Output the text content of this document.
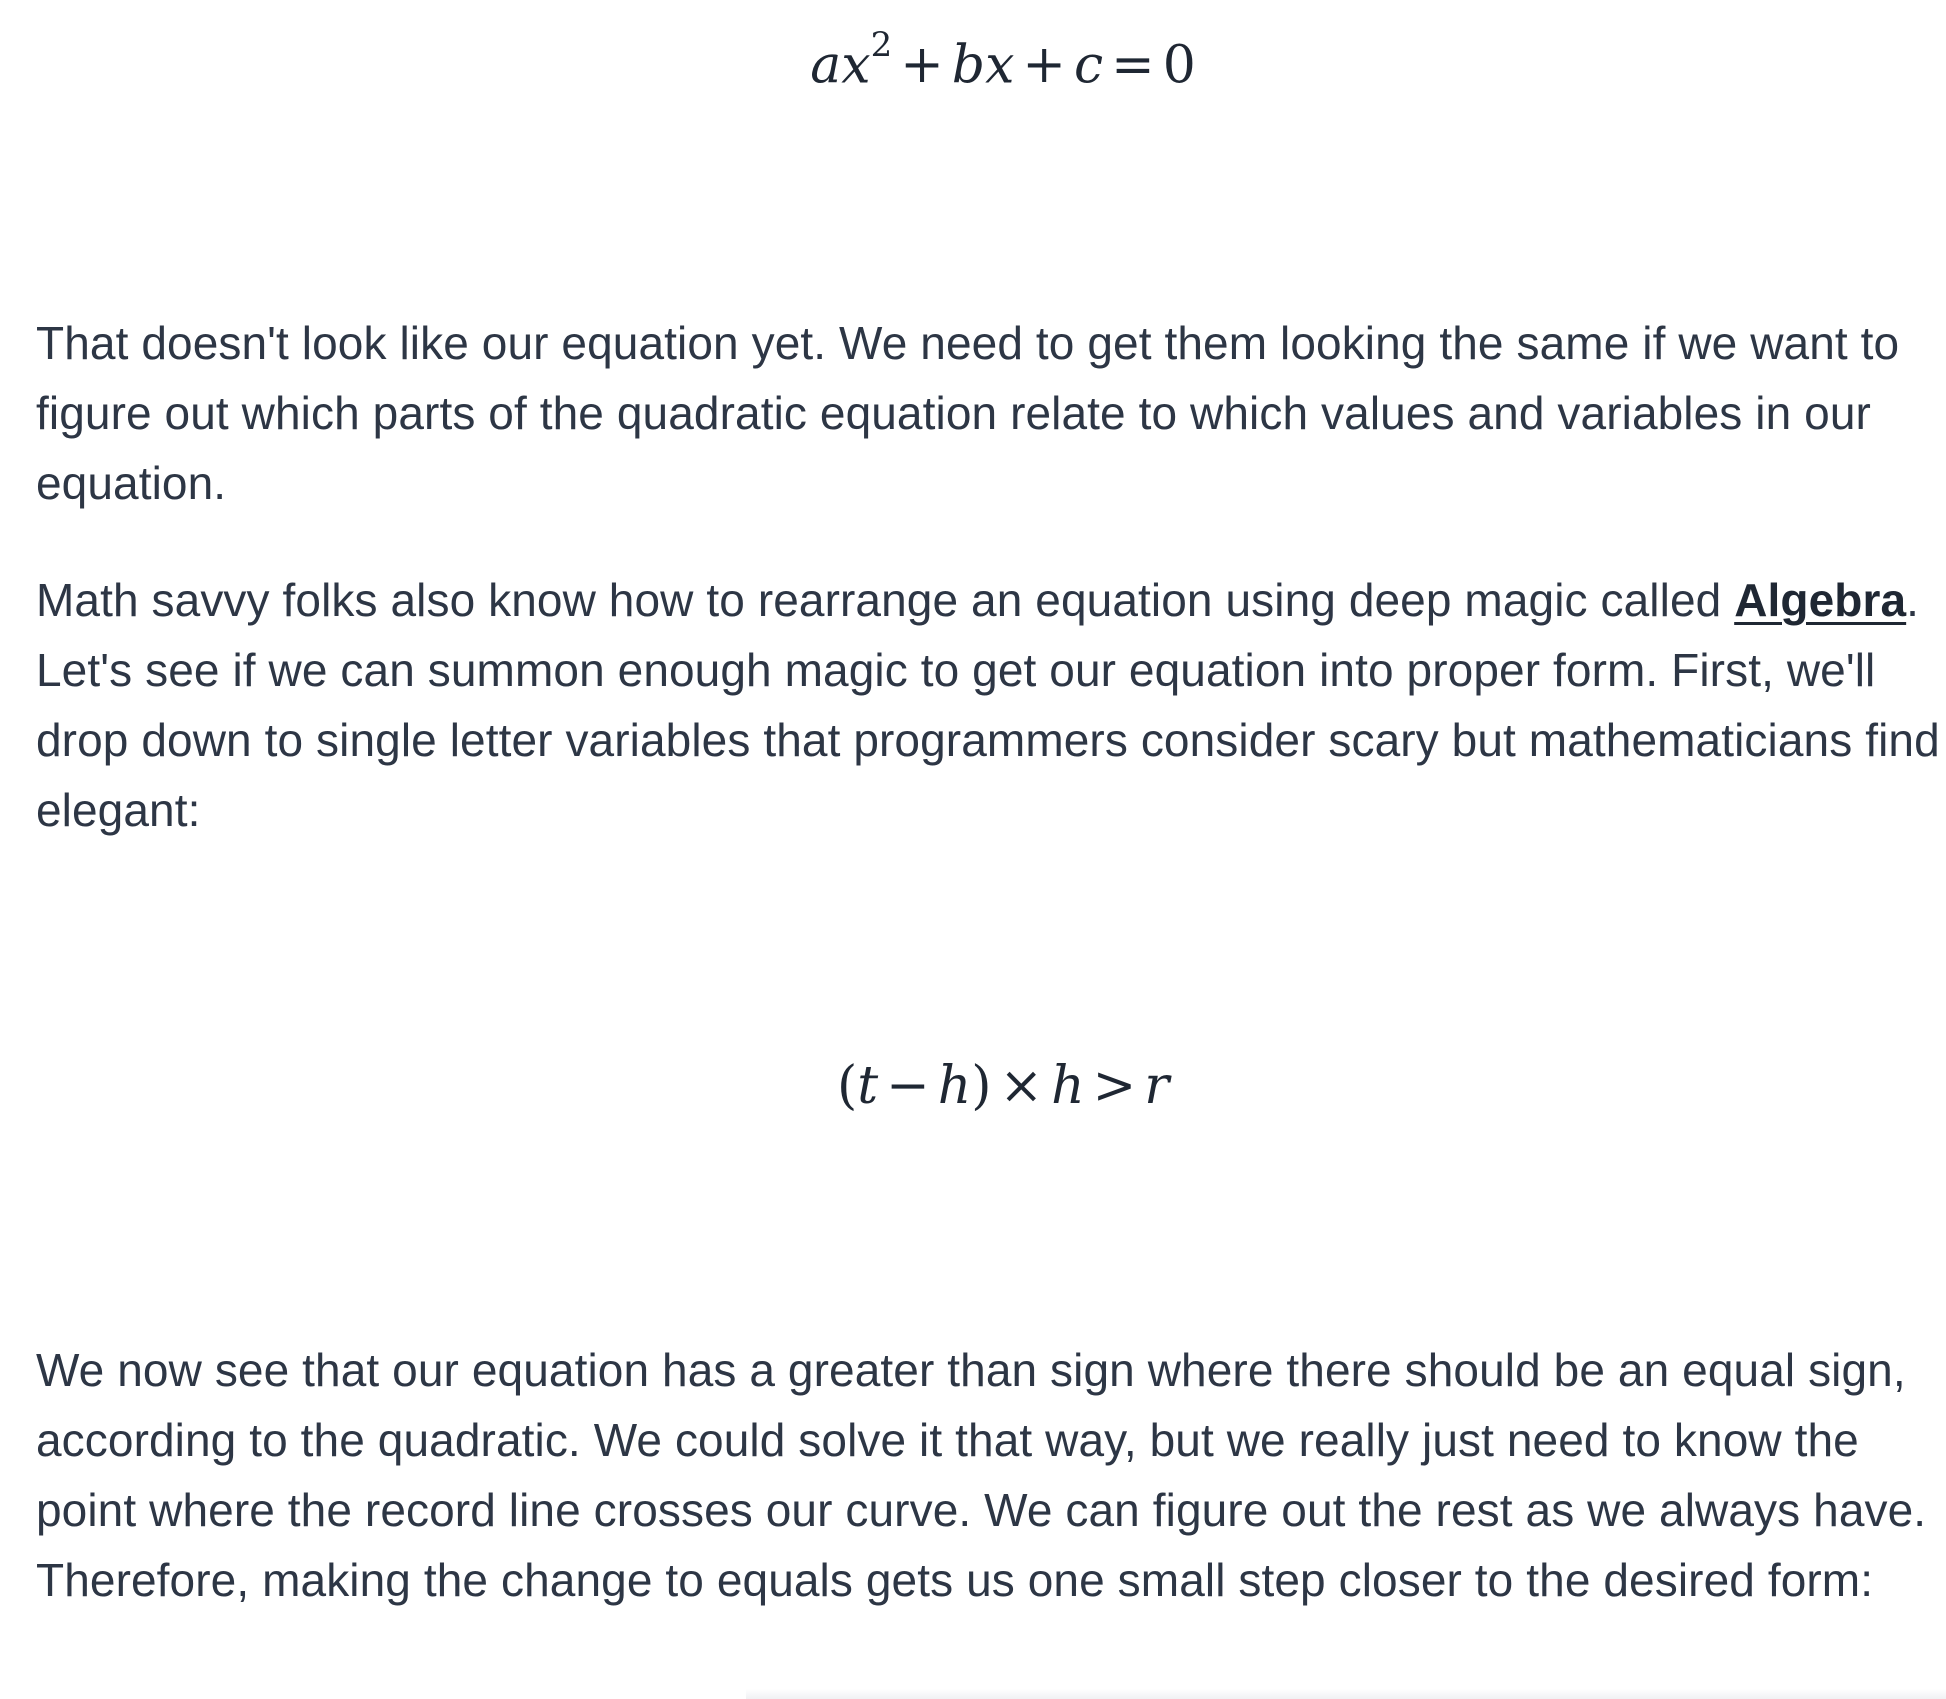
$ax^2$ + bx + c = 0

That doesn't look like our equation yet. We need to get them looking the same if we want to figure out which parts of the quadratic equation relate to which values and variables in our equation.

Math savvy folks also know how to rearrange an equation using deep magic called Algebra. Let's see if we can summon enough magic to get our equation into proper form. First, we'll drop down to single letter variables that programmers consider scary but mathematicians find elegant:

(t − h) × h > r

We now see that our equation has a greater than sign where there should be an equal sign, according to the quadratic. We could solve it that way, but we really just need to know the point where the record line crosses our curve. We can figure out the rest as we always have. Therefore, making the change to equals gets us one small step closer to the desired form:
